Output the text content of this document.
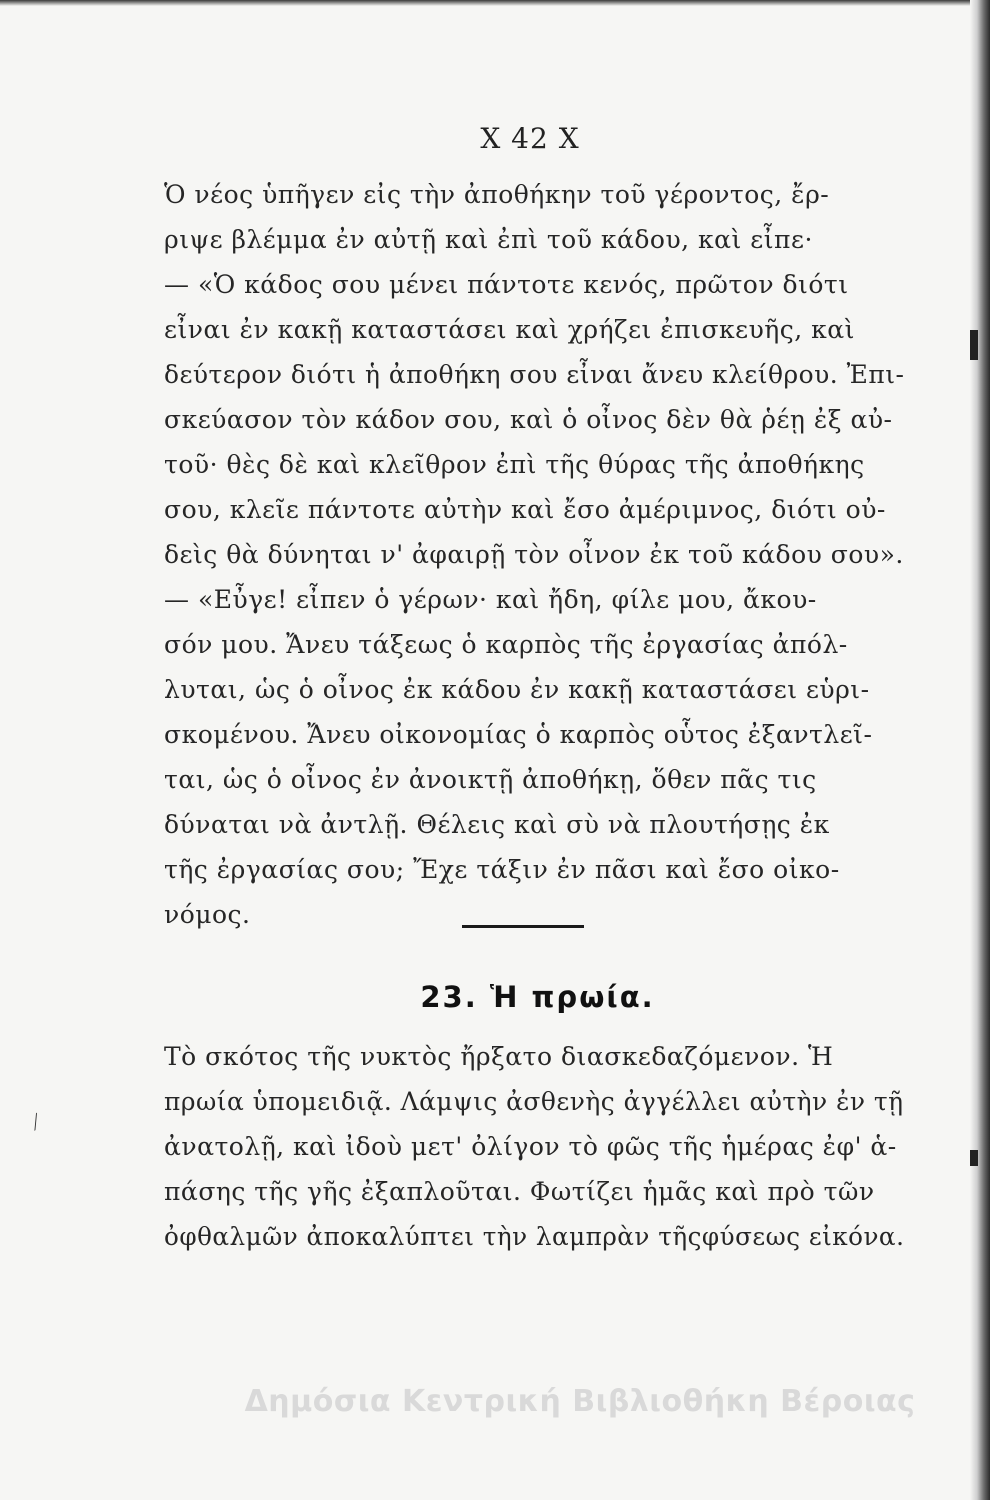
Χ 42 Χ
Ὁ νέος ὑπῆγεν εἰς τὴν ἀποθήκην τοῦ γέροντος, ἔρ-
ριψε βλέμμα ἐν αὐτῇ καὶ ἐπὶ τοῦ κάδου, καὶ εἶπε·
— «Ὁ κάδος σου μένει πάντοτε κενός, πρῶτον διότι
εἶναι ἐν κακῇ καταστάσει καὶ χρήζει ἐπισκευῆς, καὶ
δεύτερον διότι ἡ ἀποθήκη σου εἶναι ἄνευ κλείθρου. Ἐπι-
σκεύασον τὸν κάδον σου, καὶ ὁ οἶνος δὲν θὰ ῥέῃ ἐξ αὐ-
τοῦ· θὲς δὲ καὶ κλεῖθρον ἐπὶ τῆς θύρας τῆς ἀποθήκης
σου, κλεῖε πάντοτε αὐτὴν καὶ ἔσο ἀμέριμνος, διότι οὐ-
δεὶς θὰ δύνηται ν' ἀφαιρῇ τὸν οἶνον ἐκ τοῦ κάδου σου».
— «Εὖγε! εἶπεν ὁ γέρων· καὶ ἤδη, φίλε μου, ἄκου-
σόν μου. Ἄνευ τάξεως ὁ καρπὸς τῆς ἐργασίας ἀπόλ-
λυται, ὡς ὁ οἶνος ἐκ κάδου ἐν κακῇ καταστάσει εὑρι-
σκομένου. Ἄνευ οἰκονομίας ὁ καρπὸς οὗτος ἐξαντλεῖ-
ται, ὡς ὁ οἶνος ἐν ἀνοικτῇ ἀποθήκῃ, ὅθεν πᾶς τις
δύναται νὰ ἀντλῇ. Θέλεις καὶ σὺ νὰ πλουτήσῃς ἐκ
τῆς ἐργασίας σου; Ἔχε τάξιν ἐν πᾶσι καὶ ἔσο οἰκο-
νόμος.
23. Ἡ πρωία.
⟋
Τὸ σκότος τῆς νυκτὸς ἤρξατο διασκεδαζόμενον. Ἡ
πρωία ὑπομειδιᾷ. Λάμψις ἀσθενὴς ἀγγέλλει αὐτὴν ἐν τῇ
ἀνατολῇ, καὶ ἰδοὺ μετ' ὀλίγον τὸ φῶς τῆς ἡμέρας ἐφ' ἁ-
πάσης τῆς γῆς ἐξαπλοῦται. Φωτίζει ἡμᾶς καὶ πρὸ τῶν
ὀφθαλμῶν ἀποκαλύπτει τὴν λαμπρὰν τῆςφύσεως εἰκόνα.
Δημόσια Κεντρική Βιβλιοθήκη Βέροιας
